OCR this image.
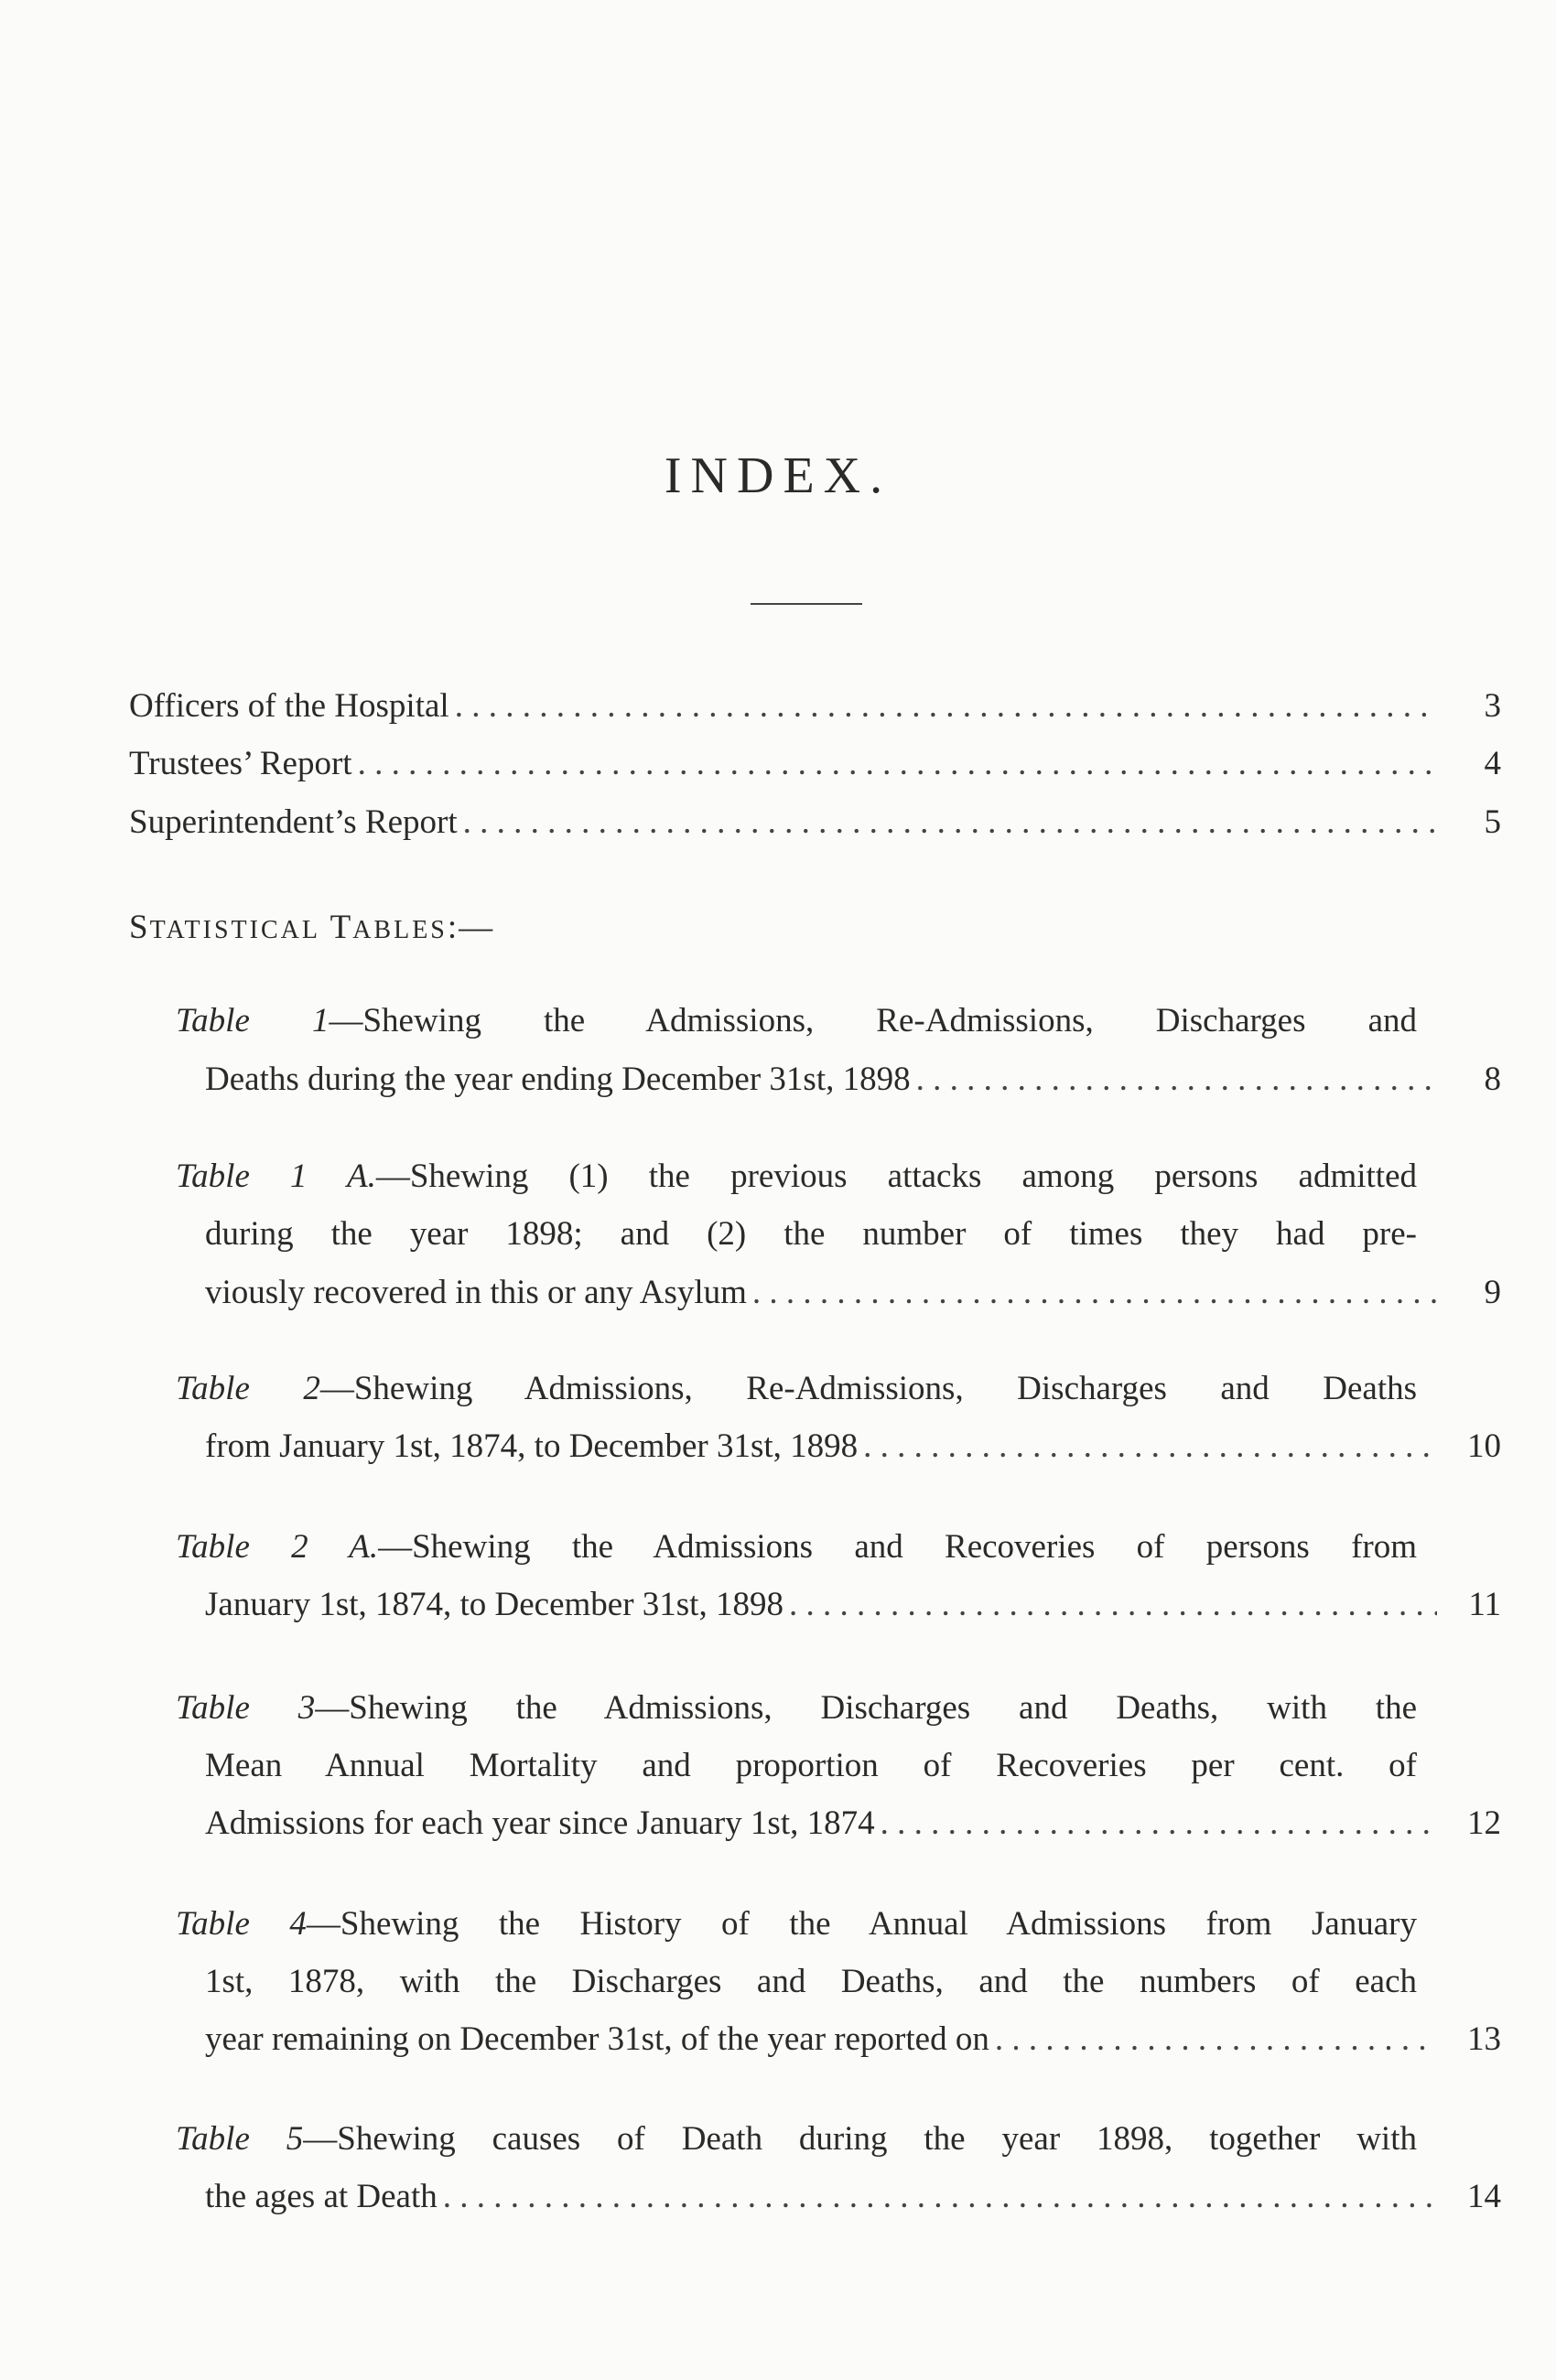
INDEX.
Officers of the Hospital . . .	3
Trustees’ Report . . .	4
Superintendent’s Report . . .	5
STATISTICAL TABLES:—
Table 1—Shewing the Admissions, Re-Admissions, Discharges and
Deaths during the year ending December 31st, 1898 . . .	8
Table 1 A.—Shewing (1) the previous attacks among persons admitted
during the year 1898; and (2) the number of times they had pre-
viously recovered in this or any Asylum . . .	9
Table 2—Shewing Admissions, Re-Admissions, Discharges and Deaths
from January 1st, 1874, to December 31st, 1898 . . .	10
Table 2 A.—Shewing the Admissions and Recoveries of persons from
January 1st, 1874, to December 31st, 1898 . . .	11
Table 3—Shewing the Admissions, Discharges and Deaths, with the
Mean Annual Mortality and proportion of Recoveries per cent. of
Admissions for each year since January 1st, 1874 . . .	12
Table 4—Shewing the History of the Annual Admissions from January
1st, 1878, with the Discharges and Deaths, and the numbers of each
year remaining on December 31st, of the year reported on . . .	13
Table 5—Shewing causes of Death during the year 1898, together with
the ages at Death . . .	14
